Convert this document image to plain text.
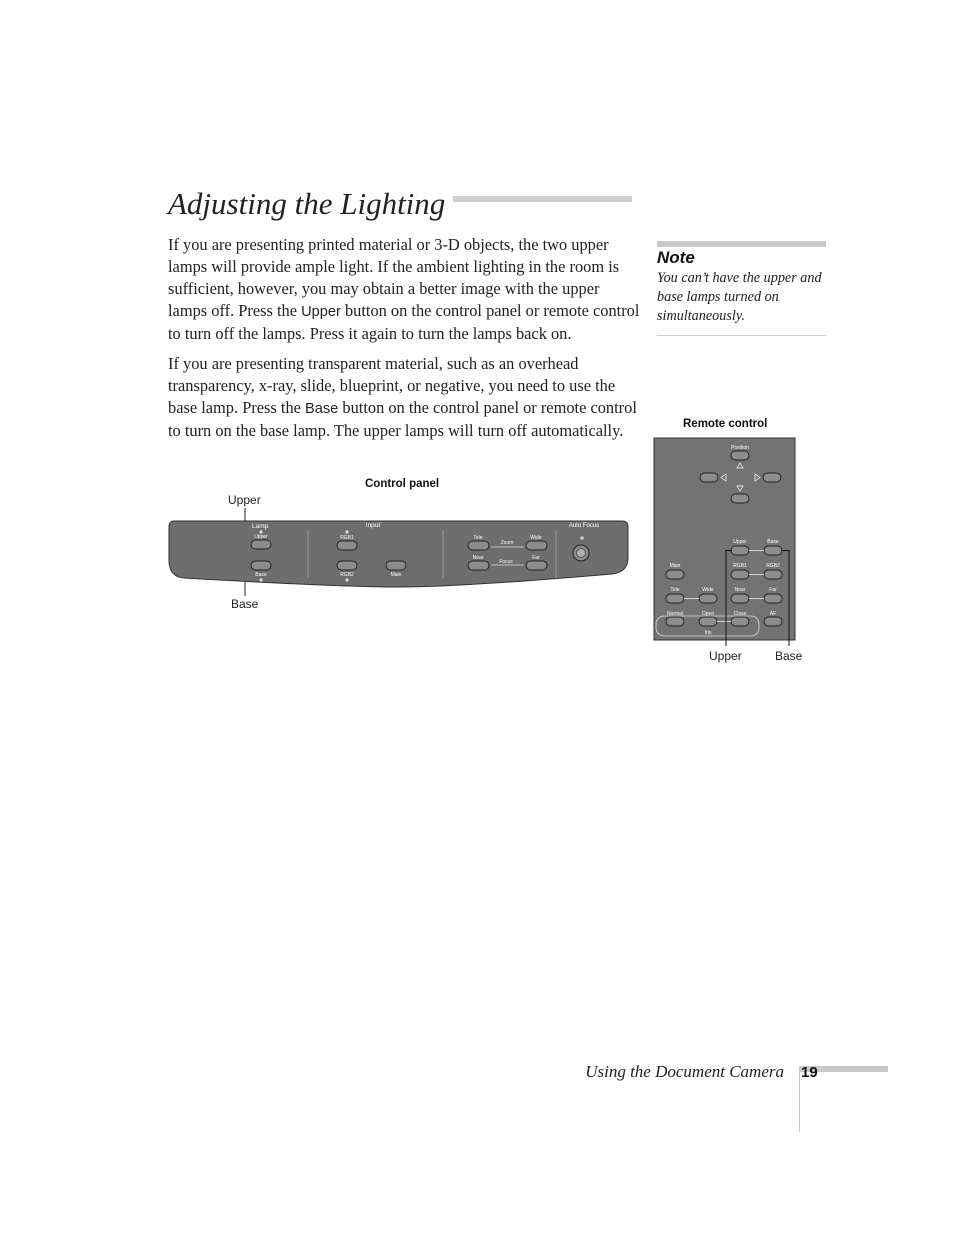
Adjusting the Lighting

If you are presenting printed material or 3-D objects, the two upper lamps will provide ample light. If the ambient lighting in the room is sufficient, however, you may obtain a better image with the upper lamps off. Press the Upper button on the control panel or remote control to turn off the lamps. Press it again to turn the lamps back on.

If you are presenting transparent material, such as an overhead transparency, x-ray, slide, blueprint, or negative, you need to use the base lamp. Press the Base button on the control panel or remote control to turn on the base lamp. The upper lamps will turn off automatically.

Note
You can’t have the upper and base lamps turned on simultaneously.
Control panel
Upper
Base
Lamp
Upper
Base
Input
RGB1
RGB2	Main
Tele
Zoom
Wide
Near
Focus
Far
Auto Focus
Remote control
Upper	Base
Position
Upper	Base
Main	RGB1	RGB2
Tele	Wide	Near	Far
Normal	Open	Close
Iris
AF
Using the Document Camera 19
